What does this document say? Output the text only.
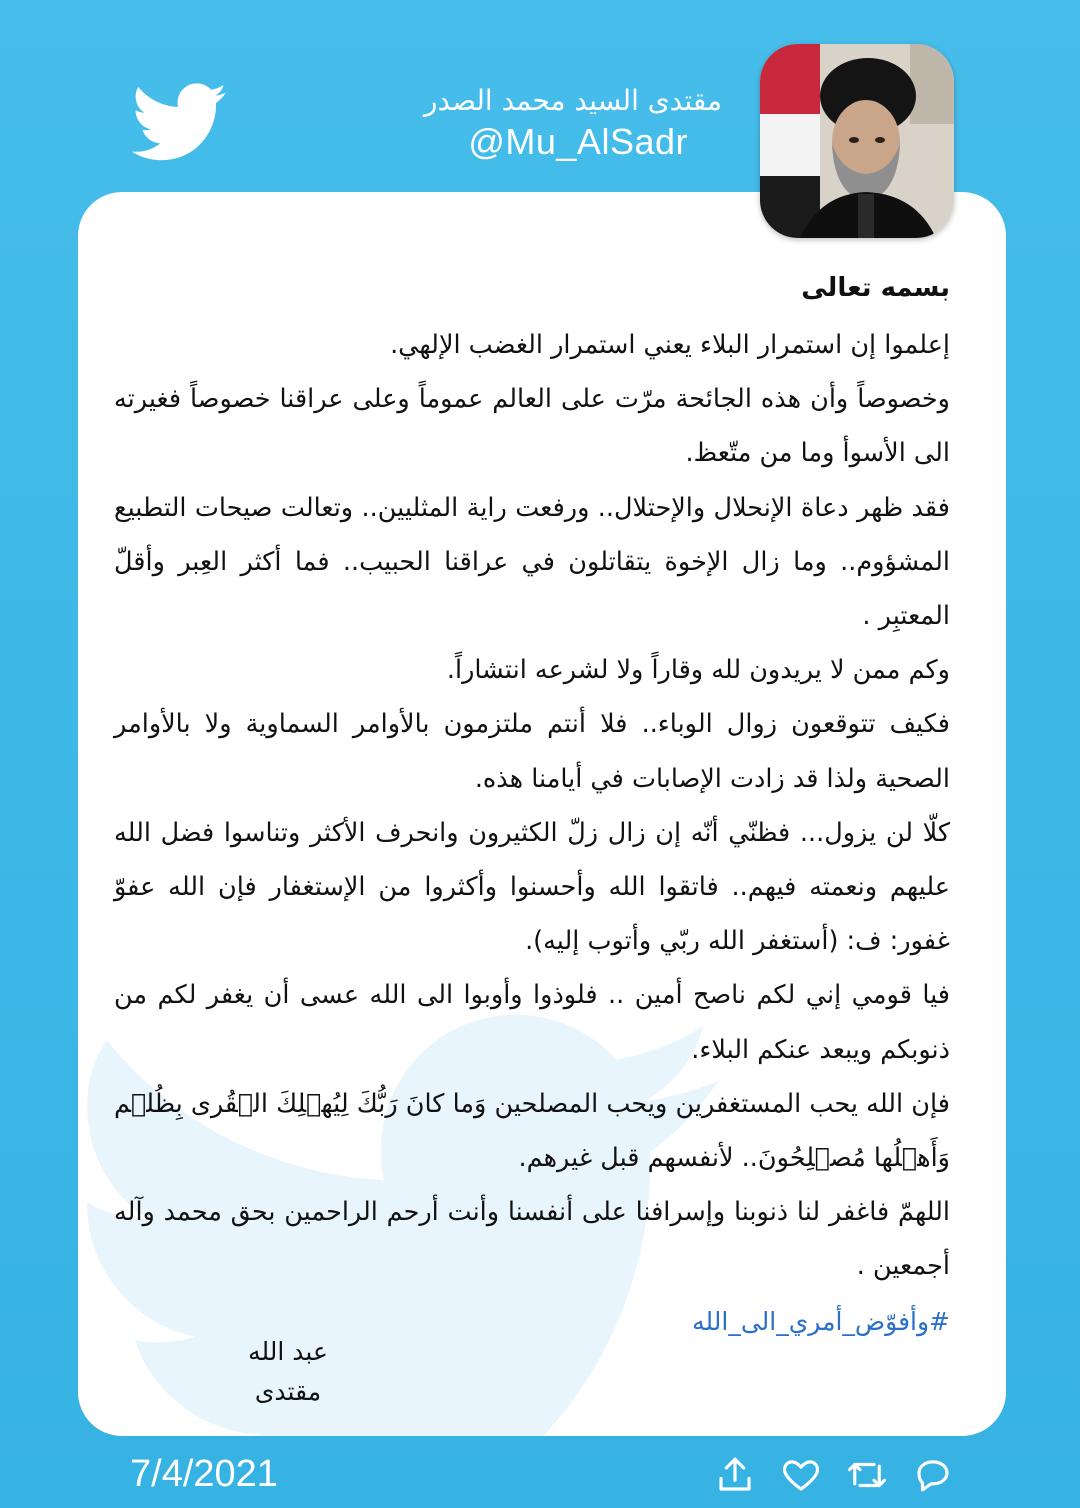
مقتدى السيد محمد الصدر
@Mu_AlSadr
بسمه تعالى
إعلموا إن استمرار البلاء يعني استمرار الغضب الإلهي.
وخصوصاً وأن هذه الجائحة مرّت على العالم عموماً وعلى عراقنا خصوصاً فغيرته الى الأسوأ وما من متّعظ.
فقد ظهر دعاة الإنحلال والإحتلال.. ورفعت راية المثليين.. وتعالت صيحات التطبيع المشؤوم.. وما زال الإخوة يتقاتلون في عراقنا الحبيب.. فما أكثر العِبر وأقلّ المعتبِر .
وكم ممن لا يريدون لله وقاراً ولا لشرعه انتشاراً.
فكيف تتوقعون زوال الوباء.. فلا أنتم ملتزمون بالأوامر السماوية ولا بالأوامر الصحية ولذا قد زادت الإصابات في أيامنا هذه.
كلّا لن يزول... فظنّي أنّه إن زال زلّ الكثيرون وانحرف الأكثر وتناسوا فضل الله عليهم ونعمته فيهم.. فاتقوا الله وأحسنوا وأكثروا من الإستغفار فإن الله عفوّ غفور: ف: (أستغفر الله ربّي وأتوب إليه).
فيا قومي إني لكم ناصح أمين .. فلوذوا وأوبوا الى الله عسى أن يغفر لكم من ذنوبكم ويبعد عنكم البلاء.
فإن الله يحب المستغفرين ويحب المصلحين وَما كانَ رَبُّكَ لِيُهۡلِكَ الۡقُرى بِظُلۡم وَأَهۡلُها مُصۡلِحُونَ.. لأنفسهم قبل غيرهم.
اللهمّ فاغفر لنا ذنوبنا وإسرافنا على أنفسنا وأنت أرحم الراحمين بحق محمد وآله أجمعين .
#وأفوّض_أمري_الى_الله
عبد الله
مقتدى
7/4/2021
